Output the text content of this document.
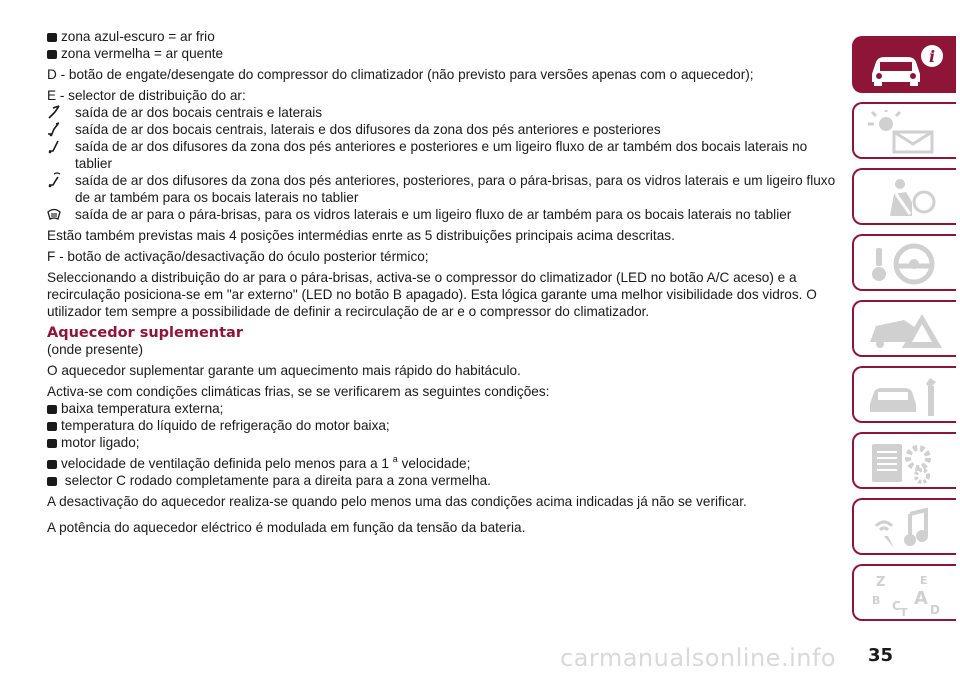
zona azul-escuro = ar frio
zona vermelha = ar quente
D - botão de engate/desengate do compressor do climatizador (não previsto para versões apenas com o aquecedor);
E - selector de distribuição do ar:
saída de ar dos bocais centrais e laterais
saída de ar dos bocais centrais, laterais e dos difusores da zona dos pés anteriores e posteriores
saída de ar dos difusores da zona dos pés anteriores e posteriores e um ligeiro fluxo de ar também dos bocais laterais no tablier
saída de ar dos difusores da zona dos pés anteriores, posteriores, para o pára-brisas, para os vidros laterais e um ligeiro fluxo de ar também para os bocais laterais no tablier
saída de ar para o pára-brisas, para os vidros laterais e um ligeiro fluxo de ar também para os bocais laterais no tablier
Estão também previstas mais 4 posições intermédias enrte as 5 distribuições principais acima descritas.
F - botão de activação/desactivação do óculo posterior térmico;
Seleccionando a distribuição do ar para o pára-brisas, activa-se o compressor do climatizador (LED no botão A/C aceso) e a recirculação posiciona-se em "ar externo" (LED no botão B apagado). Esta lógica garante uma melhor visibilidade dos vidros. O utilizador tem sempre a possibilidade de definir a recirculação de ar e o compressor do climatizador.
Aquecedor suplementar
(onde presente)
O aquecedor suplementar garante um aquecimento mais rápido do habitáculo.
Activa-se com condições climáticas frias, se se verificarem as seguintes condições:
baixa temperatura externa;
temperatura do líquido de refrigeração do motor baixa;
motor ligado;
velocidade de ventilação definida pelo menos para a 1 $^a$ velocidade;
selector C rodado completamente para a direita para a zona vermelha.
A desactivação do aquecedor realiza-se quando pelo menos uma das condições acima indicadas já não se verificar.
A potência do aquecedor eléctrico é modulada em função da tensão da bateria.
i
Z	E
B A
C D
T
carmanualsonline.info 35
